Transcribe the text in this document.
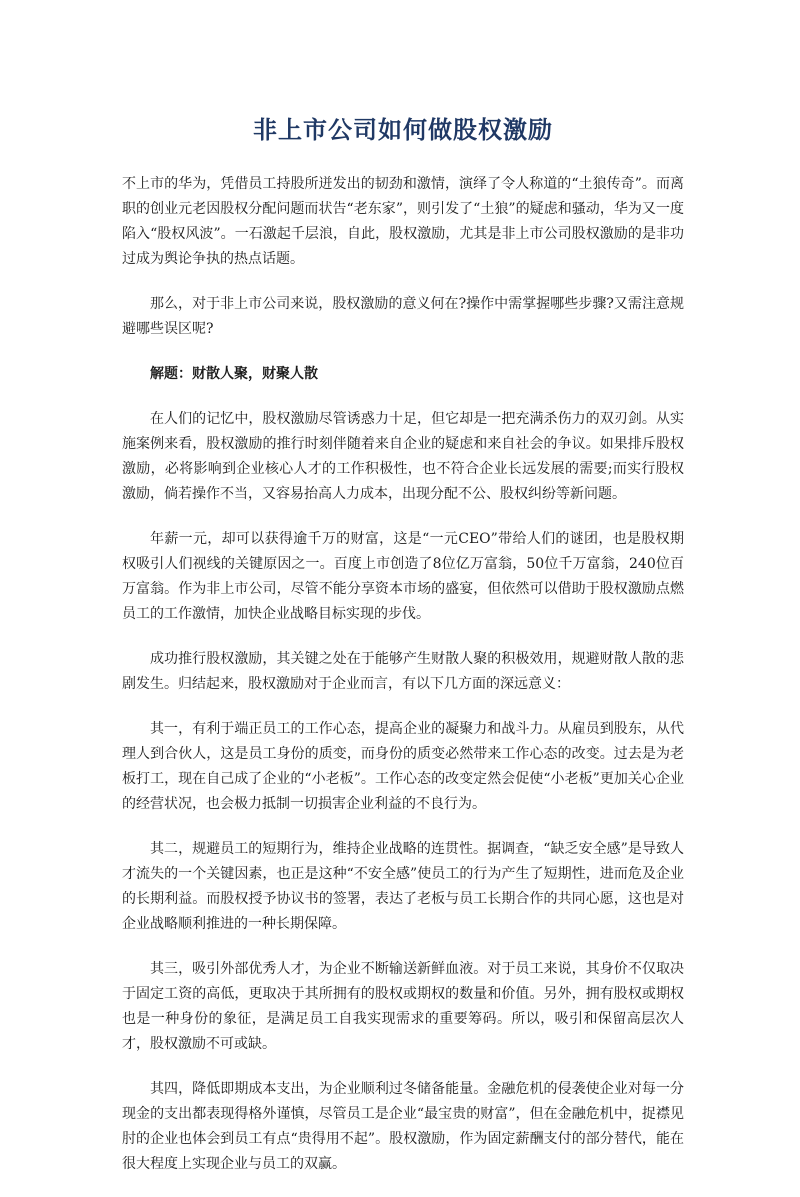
非上市公司如何做股权激励

不上市的华为，凭借员工持股所迸发出的韧劲和激情，演绎了令人称道的“土狼传奇”。而离职的创业元老因股权分配问题而状告“老东家”，则引发了“土狼”的疑虑和骚动，华为又一度陷入“股权风波”。一石激起千层浪，自此，股权激励，尤其是非上市公司股权激励的是非功过成为舆论争执的热点话题。

那么，对于非上市公司来说，股权激励的意义何在?操作中需掌握哪些步骤?又需注意规避哪些误区呢?

解题：财散人聚，财聚人散

在人们的记忆中，股权激励尽管诱惑力十足，但它却是一把充满杀伤力的双刃剑。从实施案例来看，股权激励的推行时刻伴随着来自企业的疑虑和来自社会的争议。如果排斥股权激励，必将影响到企业核心人才的工作积极性，也不符合企业长远发展的需要;而实行股权激励，倘若操作不当，又容易抬高人力成本，出现分配不公、股权纠纷等新问题。

年薪一元，却可以获得逾千万的财富，这是“一元CEO”带给人们的谜团，也是股权期权吸引人们视线的关键原因之一。百度上市创造了8位亿万富翁，50位千万富翁，240位百万富翁。作为非上市公司，尽管不能分享资本市场的盛宴，但依然可以借助于股权激励点燃员工的工作激情，加快企业战略目标实现的步伐。

成功推行股权激励，其关键之处在于能够产生财散人聚的积极效用，规避财散人散的悲剧发生。归结起来，股权激励对于企业而言，有以下几方面的深远意义：

其一，有利于端正员工的工作心态，提高企业的凝聚力和战斗力。从雇员到股东，从代理人到合伙人，这是员工身份的质变，而身份的质变必然带来工作心态的改变。过去是为老板打工，现在自己成了企业的“小老板”。工作心态的改变定然会促使“小老板”更加关心企业的经营状况，也会极力抵制一切损害企业利益的不良行为。

其二，规避员工的短期行为，维持企业战略的连贯性。据调查，“缺乏安全感”是导致人才流失的一个关键因素，也正是这种“不安全感”使员工的行为产生了短期性，进而危及企业的长期利益。而股权授予协议书的签署，表达了老板与员工长期合作的共同心愿，这也是对企业战略顺利推进的一种长期保障。

其三，吸引外部优秀人才，为企业不断输送新鲜血液。对于员工来说，其身价不仅取决于固定工资的高低，更取决于其所拥有的股权或期权的数量和价值。另外，拥有股权或期权也是一种身份的象征，是满足员工自我实现需求的重要筹码。所以，吸引和保留高层次人才，股权激励不可或缺。

其四，降低即期成本支出，为企业顺利过冬储备能量。金融危机的侵袭使企业对每一分现金的支出都表现得格外谨慎，尽管员工是企业“最宝贵的财富”，但在金融危机中，捉襟见肘的企业也体会到员工有点“贵得用不起”。股权激励，作为固定薪酬支付的部分替代，能在很大程度上实现企业与员工的双赢。
